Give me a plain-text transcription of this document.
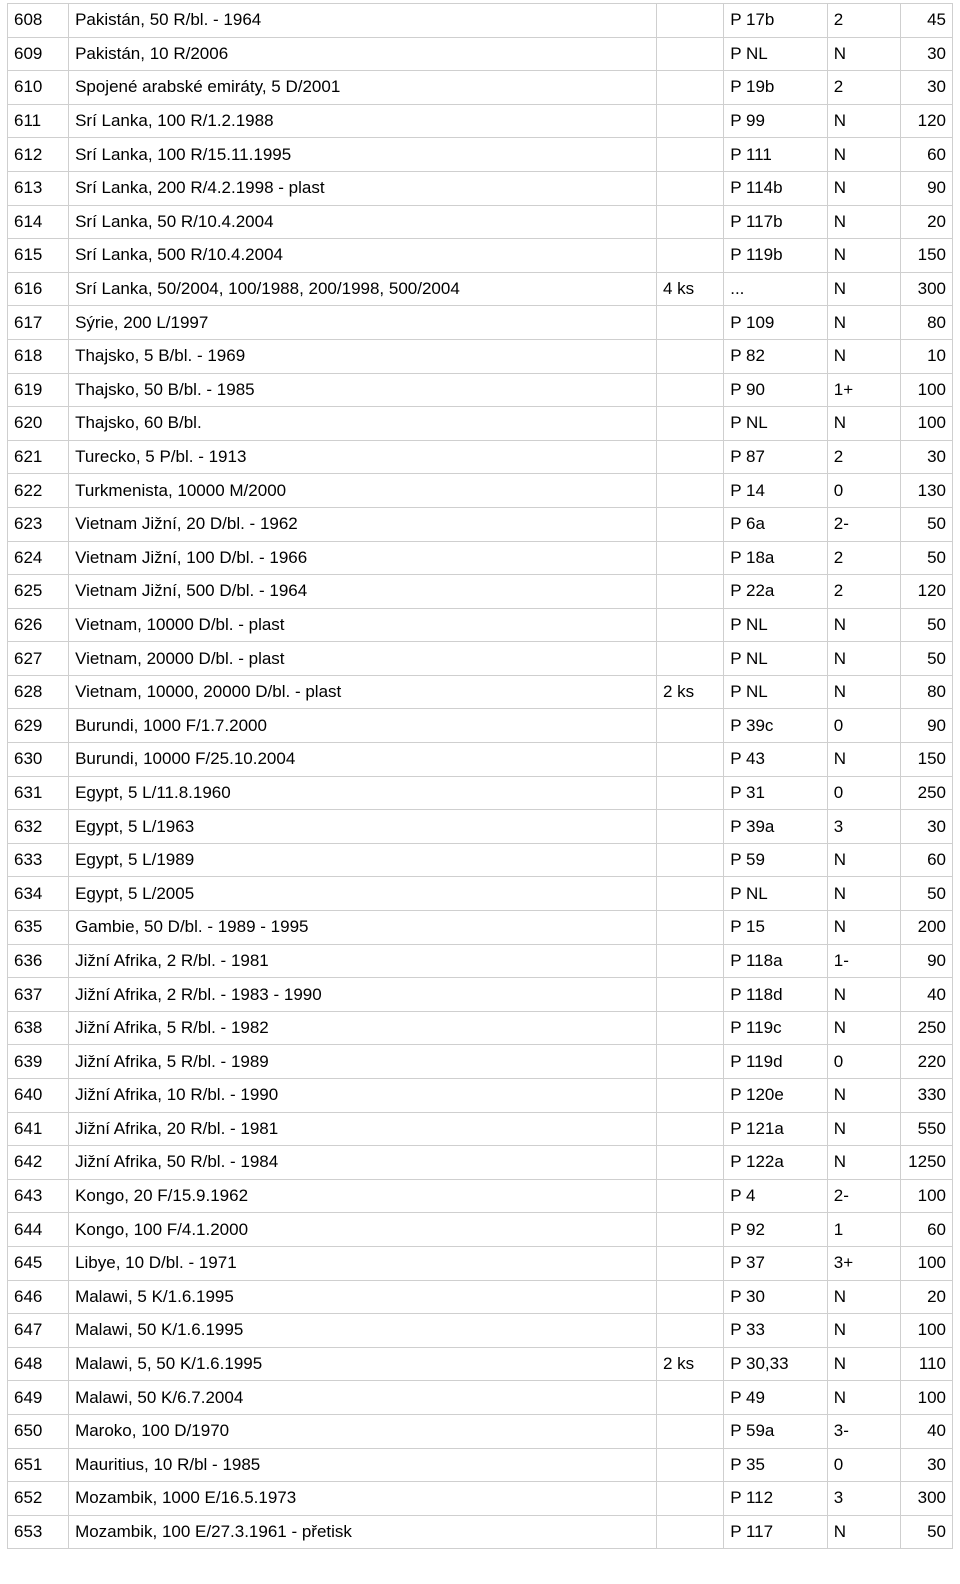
608	Pakistán, 50 R/bl. - 1964		P 17b	2	45
609	Pakistán, 10 R/2006		P NL	N	30
610	Spojené arabské emiráty, 5 D/2001		P 19b	2	30
611	Srí Lanka, 100 R/1.2.1988		P 99	N	120
612	Srí Lanka, 100 R/15.11.1995		P 111	N	60
613	Srí Lanka, 200 R/4.2.1998 - plast		P 114b	N	90
614	Srí Lanka, 50 R/10.4.2004		P 117b	N	20
615	Srí Lanka, 500 R/10.4.2004		P 119b	N	150
616	Srí Lanka, 50/2004, 100/1988, 200/1998, 500/2004	4 ks	...	N	300
617	Sýrie, 200 L/1997		P 109	N	80
618	Thajsko, 5 B/bl. - 1969		P 82	N	10
619	Thajsko, 50 B/bl. - 1985		P 90	1+	100
620	Thajsko, 60 B/bl.		P NL	N	100
621	Turecko, 5 P/bl. - 1913		P 87	2	30
622	Turkmenista, 10000 M/2000		P 14	0	130
623	Vietnam Jižní, 20 D/bl. - 1962		P 6a	2-	50
624	Vietnam Jižní, 100 D/bl. - 1966		P 18a	2	50
625	Vietnam Jižní, 500 D/bl. - 1964		P 22a	2	120
626	Vietnam, 10000 D/bl. - plast		P NL	N	50
627	Vietnam, 20000 D/bl. - plast		P NL	N	50
628	Vietnam, 10000, 20000 D/bl. - plast	2 ks	P NL	N	80
629	Burundi, 1000 F/1.7.2000		P 39c	0	90
630	Burundi, 10000 F/25.10.2004		P 43	N	150
631	Egypt, 5 L/11.8.1960		P 31	0	250
632	Egypt, 5 L/1963		P 39a	3	30
633	Egypt, 5 L/1989		P 59	N	60
634	Egypt, 5 L/2005		P NL	N	50
635	Gambie, 50 D/bl. - 1989 - 1995		P 15	N	200
636	Jižní Afrika, 2 R/bl. - 1981		P 118a	1-	90
637	Jižní Afrika, 2 R/bl. - 1983 - 1990		P 118d	N	40
638	Jižní Afrika, 5 R/bl. - 1982		P 119c	N	250
639	Jižní Afrika, 5 R/bl. - 1989		P 119d	0	220
640	Jižní Afrika, 10 R/bl. - 1990		P 120e	N	330
641	Jižní Afrika, 20 R/bl. - 1981		P 121a	N	550
642	Jižní Afrika, 50 R/bl. - 1984		P 122a	N	1250
643	Kongo, 20 F/15.9.1962		P 4	2-	100
644	Kongo, 100 F/4.1.2000		P 92	1	60
645	Libye, 10 D/bl. - 1971		P 37	3+	100
646	Malawi, 5 K/1.6.1995		P 30	N	20
647	Malawi, 50 K/1.6.1995		P 33	N	100
648	Malawi, 5, 50 K/1.6.1995	2 ks	P 30,33	N	110
649	Malawi, 50 K/6.7.2004		P 49	N	100
650	Maroko, 100 D/1970		P 59a	3-	40
651	Mauritius, 10 R/bl - 1985		P 35	0	30
652	Mozambik, 1000 E/16.5.1973		P 112	3	300
653	Mozambik, 100 E/27.3.1961 - přetisk		P 117	N	50
